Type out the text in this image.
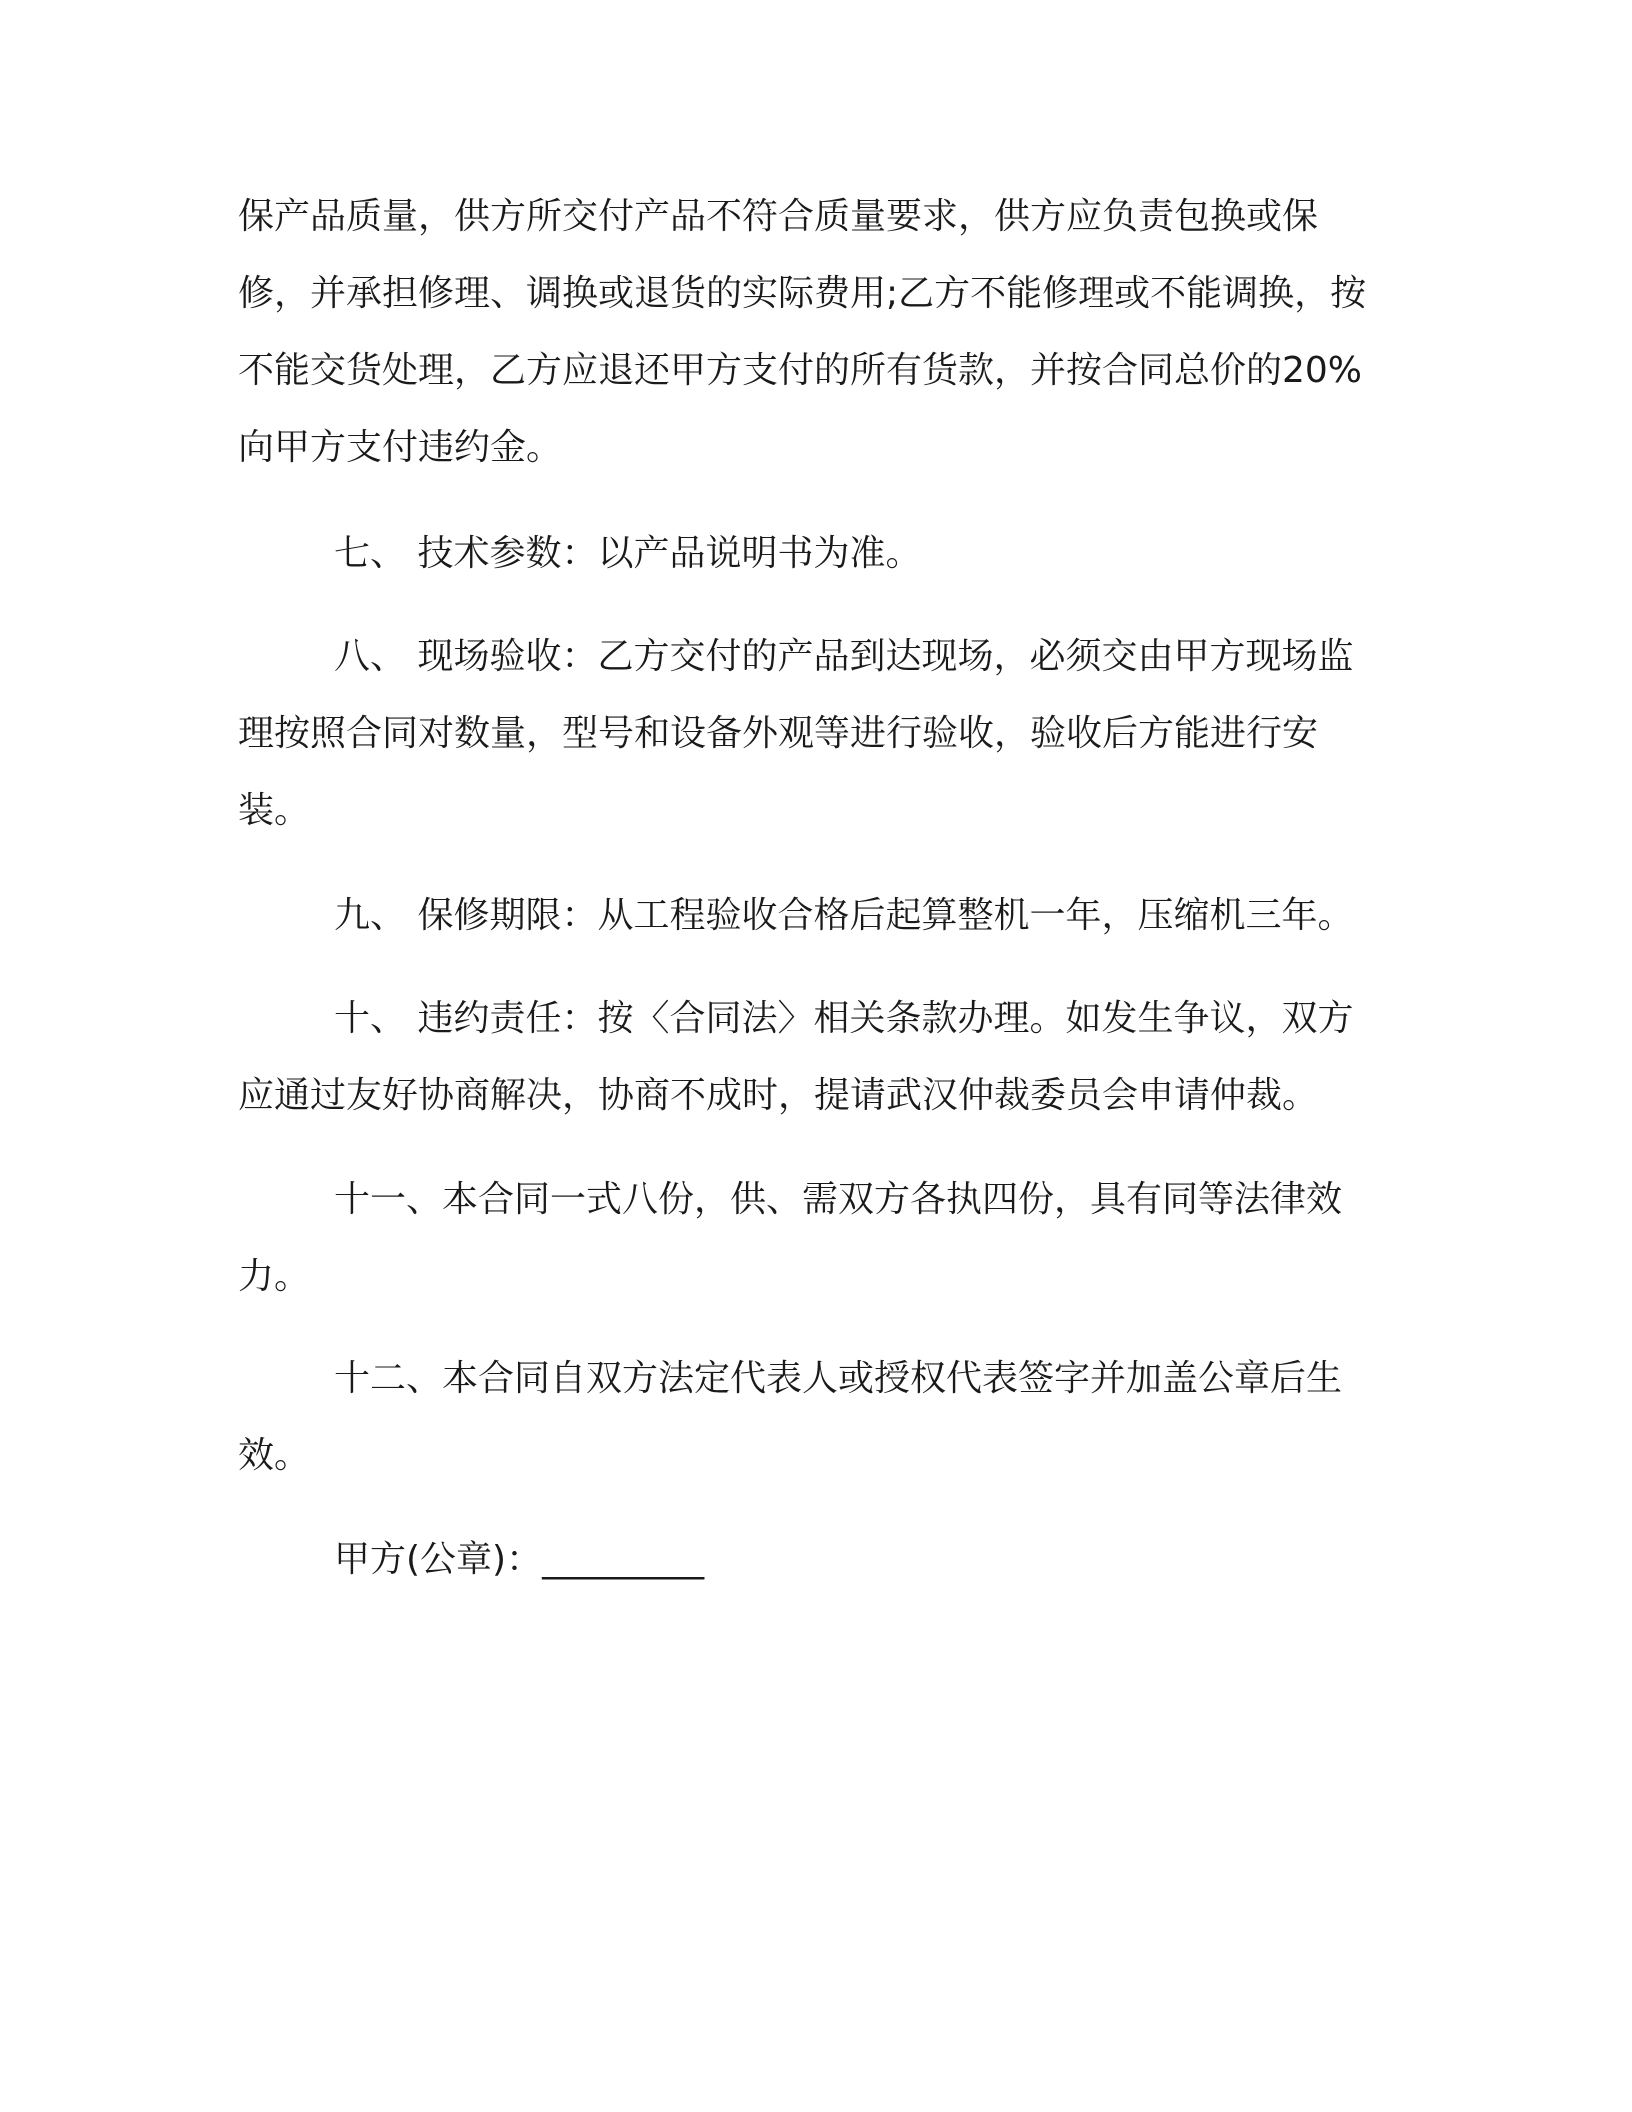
保产品质量，供方所交付产品不符合质量要求，供方应负责包换或保修，并承担修理、调换或退货的实际费用;乙方不能修理或不能调换，按不能交货处理，乙方应退还甲方支付的所有货款，并按合同总价的20%向甲方支付违约金。

七、 技术参数：以产品说明书为准。

八、 现场验收：乙方交付的产品到达现场，必须交由甲方现场监理按照合同对数量，型号和设备外观等进行验收，验收后方能进行安装。

九、 保修期限：从工程验收合格后起算整机一年，压缩机三年。

十、 违约责任：按〈合同法〉相关条款办理。如发生争议，双方应通过友好协商解决，协商不成时，提请武汉仲裁委员会申请仲裁。

十一、本合同一式八份，供、需双方各执四份，具有同等法律效力。

十二、本合同自双方法定代表人或授权代表签字并加盖公章后生效。

甲方(公章)：_________
